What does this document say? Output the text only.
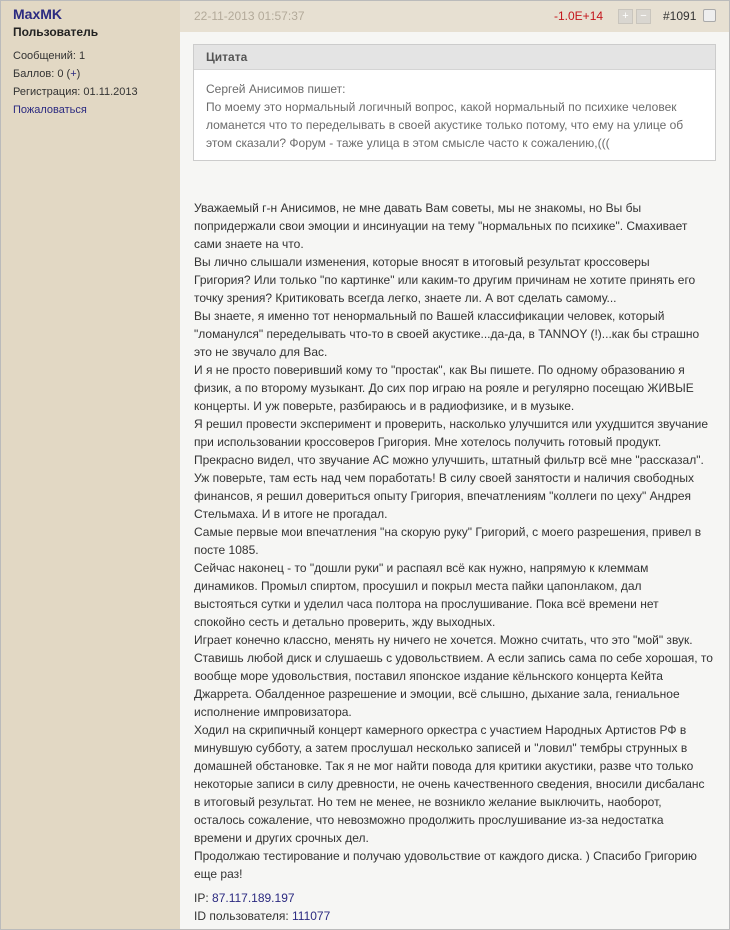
MaxMK
Пользователь
Сообщений: 1
Баллов: 0 (+)
Регистрация: 01.11.2013
Пожаловаться
22-11-2013 01:57:37	-1.0E+14	+	−	#1091
Цитата
Сергей Анисимов пишет:
По моему это нормальный логичный вопрос, какой нормальный по психике человек
ломанется что то переделывать в своей акустике только потому, что ему на улице об
этом сказали? Форум - таже улица в этом смысле часто к сожалению,(((
Уважаемый г-н Анисимов, не мне давать Вам советы, мы не знакомы, но Вы бы
попридержали свои эмоции и инсинуации на тему "нормальных по психике". Смахивает
сами знаете на что.
Вы лично слышали изменения, которые вносят в итоговый результат кроссоверы
Григория? Или только "по картинке" или каким-то другим причинам не хотите принять его
точку зрения? Критиковать всегда легко, знаете ли. А вот сделать самому...
Вы знаете, я именно тот ненормальный по Вашей классификации человек, который
"ломанулся" переделывать что-то в своей акустике...да-да, в TANNOY (!)...как бы страшно
это не звучало для Вас.
И я не просто поверивший кому то "простак", как Вы пишете. По одному образованию я
физик, а по второму музыкант. До сих пор играю на рояле и регулярно посещаю ЖИВЫЕ
концерты. И уж поверьте, разбираюсь и в радиофизике, и в музыке.
Я решил провести эксперимент и проверить, насколько улучшится или ухудшится звучание
при использовании кроссоверов Григория. Мне хотелось получить готовый продукт.
Прекрасно видел, что звучание АС можно улучшить, штатный фильтр всё мне "рассказал".
Уж поверьте, там есть над чем поработать! В силу своей занятости и наличия свободных
финансов, я решил довериться опыту Григория, впечатлениям "коллеги по цеху" Андрея
Стельмаха. И в итоге не прогадал.
Самые первые мои впечатления "на скорую руку" Григорий, с моего разрешения, привел в
посте 1085.
Сейчас наконец - то "дошли руки" и распаял всё как нужно, напрямую к клеммам
динамиков. Промыл спиртом, просушил и покрыл места пайки цапонлаком, дал
выстояться сутки и уделил часа полтора на прослушивание. Пока всё времени нет
спокойно сесть и детально проверить, жду выходных.
Играет конечно классно, менять ну ничего не хочется. Можно считать, что это "мой" звук.
Ставишь любой диск и слушаешь с удовольствием. А если запись сама по себе хорошая, то
вообще море удовольствия, поставил японское издание кёльнского концерта Кейта
Джаррета. Обалденное разрешение и эмоции, всё слышно, дыхание зала, гениальное
исполнение импровизатора.
Ходил на скрипичный концерт камерного оркестра с участием Народных Артистов РФ в
минувшую субботу, а затем прослушал несколько записей и "ловил" тембры струнных в
домашней обстановке. Так я не мог найти повода для критики акустики, разве что только
некоторые записи в силу древности, не очень качественного сведения, вносили дисбаланс
в итоговый результат. Но тем не менее, не возникло желание выключить, наоборот,
осталось сожаление, что невозможно продолжить прослушивание из-за недостатка
времени и других срочных дел.
Продолжаю тестирование и получаю удовольствие от каждого диска. ) Спасибо Григорию
еще раз!
IP: 87.117.189.197
ID пользователя: 111077
